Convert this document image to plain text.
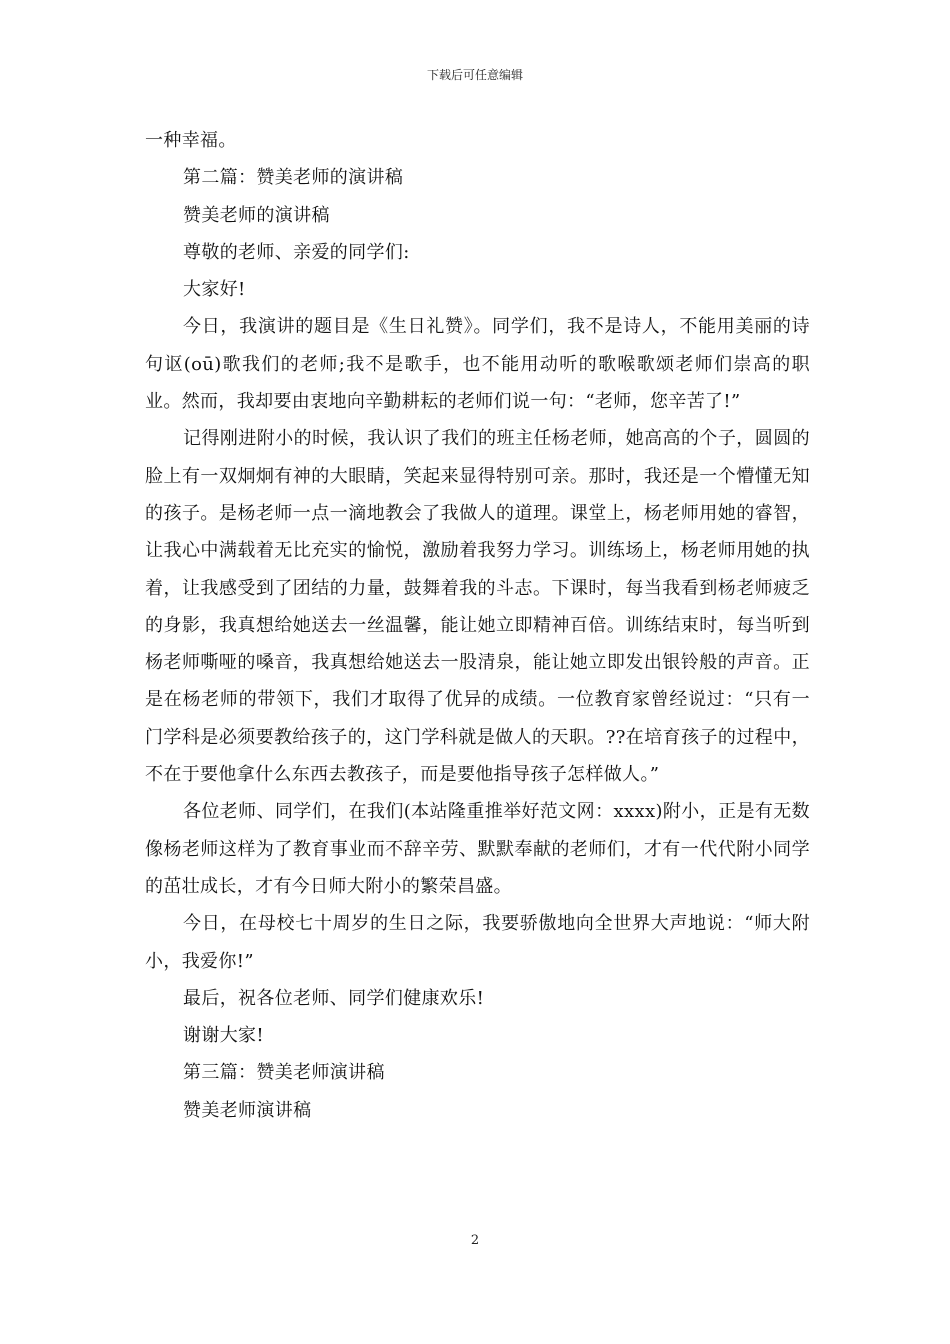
下载后可任意编辑

一种幸福。

第二篇：赞美老师的演讲稿

赞美老师的演讲稿

尊敬的老师、亲爱的同学们:

大家好!

今日，我演讲的题目是《生日礼赞》。同学们，我不是诗人，不能用美丽的诗句讴(oū)歌我们的老师;我不是歌手，也不能用动听的歌喉歌颂老师们崇高的职业。然而，我却要由衷地向辛勤耕耘的老师们说一句：“老师，您辛苦了!”

记得刚进附小的时候，我认识了我们的班主任杨老师，她高高的个子，圆圆的脸上有一双炯炯有神的大眼睛，笑起来显得特别可亲。那时，我还是一个懵懂无知的孩子。是杨老师一点一滴地教会了我做人的道理。课堂上，杨老师用她的睿智，让我心中满载着无比充实的愉悦，激励着我努力学习。训练场上，杨老师用她的执着，让我感受到了团结的力量，鼓舞着我的斗志。下课时，每当我看到杨老师疲乏的身影，我真想给她送去一丝温馨，能让她立即精神百倍。训练结束时，每当听到杨老师嘶哑的嗓音，我真想给她送去一股清泉，能让她立即发出银铃般的声音。正是在杨老师的带领下，我们才取得了优异的成绩。一位教育家曾经说过：“只有一门学科是必须要教给孩子的，这门学科就是做人的天职。??在培育孩子的过程中，不在于要他拿什么东西去教孩子，而是要他指导孩子怎样做人。”

各位老师、同学们，在我们(本站隆重推举好范文网：xxxx)附小，正是有无数像杨老师这样为了教育事业而不辞辛劳、默默奉献的老师们，才有一代代附小同学的茁壮成长，才有今日师大附小的繁荣昌盛。

今日，在母校七十周岁的生日之际，我要骄傲地向全世界大声地说：“师大附小，我爱你!”

最后，祝各位老师、同学们健康欢乐!

谢谢大家!

第三篇：赞美老师演讲稿

赞美老师演讲稿

2
